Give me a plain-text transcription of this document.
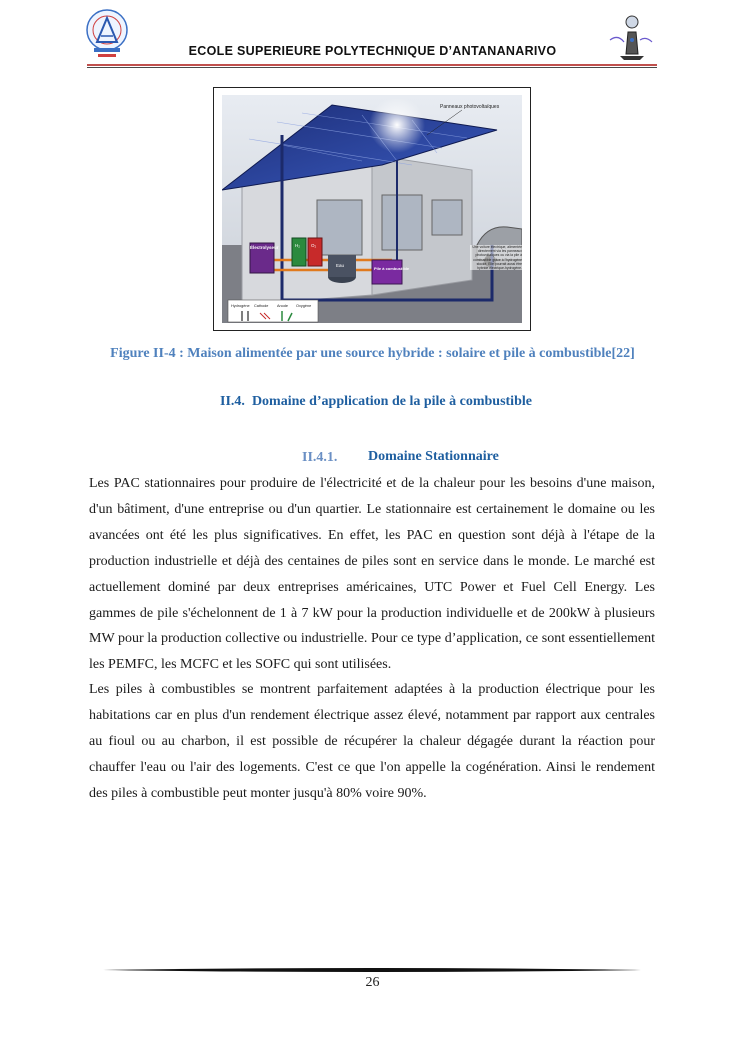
ECOLE SUPERIEURE POLYTECHNIQUE D’ANTANANARIVO
Panneaux photovoltaïques
Électrolyseur	H₂ O₂
Eau
Pile à combustible
Une voiture électrique, alimentée directement via les panneaux photovoltaïques ou via la pile à combustible grâce à l'hydrogène stocké. Elle pourrait aussi être hybride électrique-hydrogène.
Hydrogène Cathode Anode Oxygène
Figure II-4 : Maison alimentée par une source hybride : solaire et pile à combustible[22]
II.4. Domaine d’application de la pile à combustible
II.4.1. Domaine Stationnaire
Les PAC stationnaires pour produire de l'électricité et de la chaleur pour les besoins d'une maison, d'un bâtiment, d'une entreprise ou d'un quartier. Le stationnaire est certainement le domaine ou les avancées ont été les plus significatives. En effet, les PAC en question sont déjà à l'étape de la production industrielle et déjà des centaines de piles sont en service dans le monde. Le marché est actuellement dominé par deux entreprises américaines, UTC Power et Fuel Cell Energy. Les gammes de pile s'échelonnent de 1 à 7 kW pour la production individuelle et de 200kW à plusieurs MW pour la production collective ou industrielle. Pour ce type d’application, ce sont essentiellement les PEMFC, les MCFC et les SOFC qui sont utilisées.
Les piles à combustibles se montrent parfaitement adaptées à la production électrique pour les habitations car en plus d'un rendement électrique assez élevé, notamment par rapport aux centrales au fioul ou au charbon, il est possible de récupérer la chaleur dégagée durant la réaction pour chauffer l'eau ou l'air des logements. C'est ce que l'on appelle la cogénération. Ainsi le rendement des piles à combustible peut monter jusqu'à 80% voire 90%.
26
